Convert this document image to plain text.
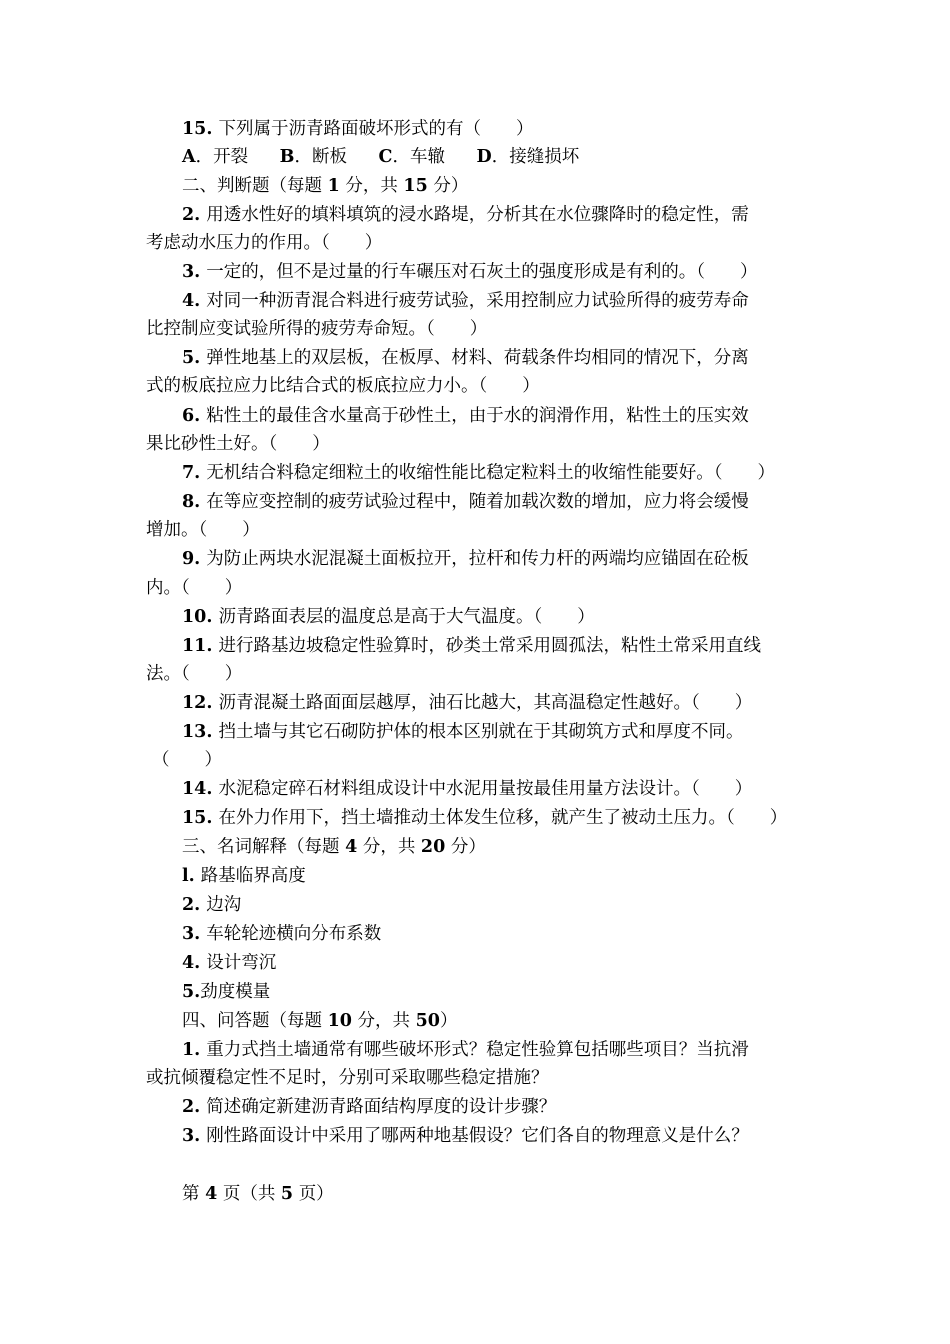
15. 下列属于沥青路面破坏形式的有（　　）
A．开裂 B．断板 C．车辙 D．接缝损坏
二、判断题（每题 1 分，共 15 分）
2. 用透水性好的填料填筑的浸水路堤，分析其在水位骤降时的稳定性，需
考虑动水压力的作用。（　　）
3. 一定的，但不是过量的行车碾压对石灰土的强度形成是有利的。（　　）
4. 对同一种沥青混合料进行疲劳试验，采用控制应力试验所得的疲劳寿命
比控制应变试验所得的疲劳寿命短。（　　）
5. 弹性地基上的双层板，在板厚、材料、荷载条件均相同的情况下，分离
式的板底拉应力比结合式的板底拉应力小。（　　）
6. 粘性土的最佳含水量高于砂性土，由于水的润滑作用，粘性土的压实效
果比砂性土好。（　　）
7. 无机结合料稳定细粒土的收缩性能比稳定粒料土的收缩性能要好。（　　）
8. 在等应变控制的疲劳试验过程中，随着加载次数的增加，应力将会缓慢
增加。（　　）
9. 为防止两块水泥混凝土面板拉开，拉杆和传力杆的两端均应锚固在砼板
内。（　　）
10. 沥青路面表层的温度总是高于大气温度。（　　）
11. 进行路基边坡稳定性验算时，砂类土常采用圆孤法，粘性土常采用直线
法。（　　）
12. 沥青混凝土路面面层越厚，油石比越大，其高温稳定性越好。（　　）
13. 挡土墙与其它石砌防护体的根本区别就在于其砌筑方式和厚度不同。
（　　）
14. 水泥稳定碎石材料组成设计中水泥用量按最佳用量方法设计。（　　）
15. 在外力作用下，挡土墙推动土体发生位移，就产生了被动土压力。（　　）
三、名词解释（每题 4 分，共 20 分）
l. 路基临界高度
2. 边沟
3. 车轮轮迹横向分布系数
4. 设计弯沉
5.劲度模量
四、问答题（每题 10 分，共 50）
1. 重力式挡土墙通常有哪些破坏形式？稳定性验算包括哪些项目？当抗滑
或抗倾覆稳定性不足时，分别可采取哪些稳定措施？
2. 简述确定新建沥青路面结构厚度的设计步骤？
3. 刚性路面设计中采用了哪两种地基假设？它们各自的物理意义是什么？
第 4 页（共 5 页）
